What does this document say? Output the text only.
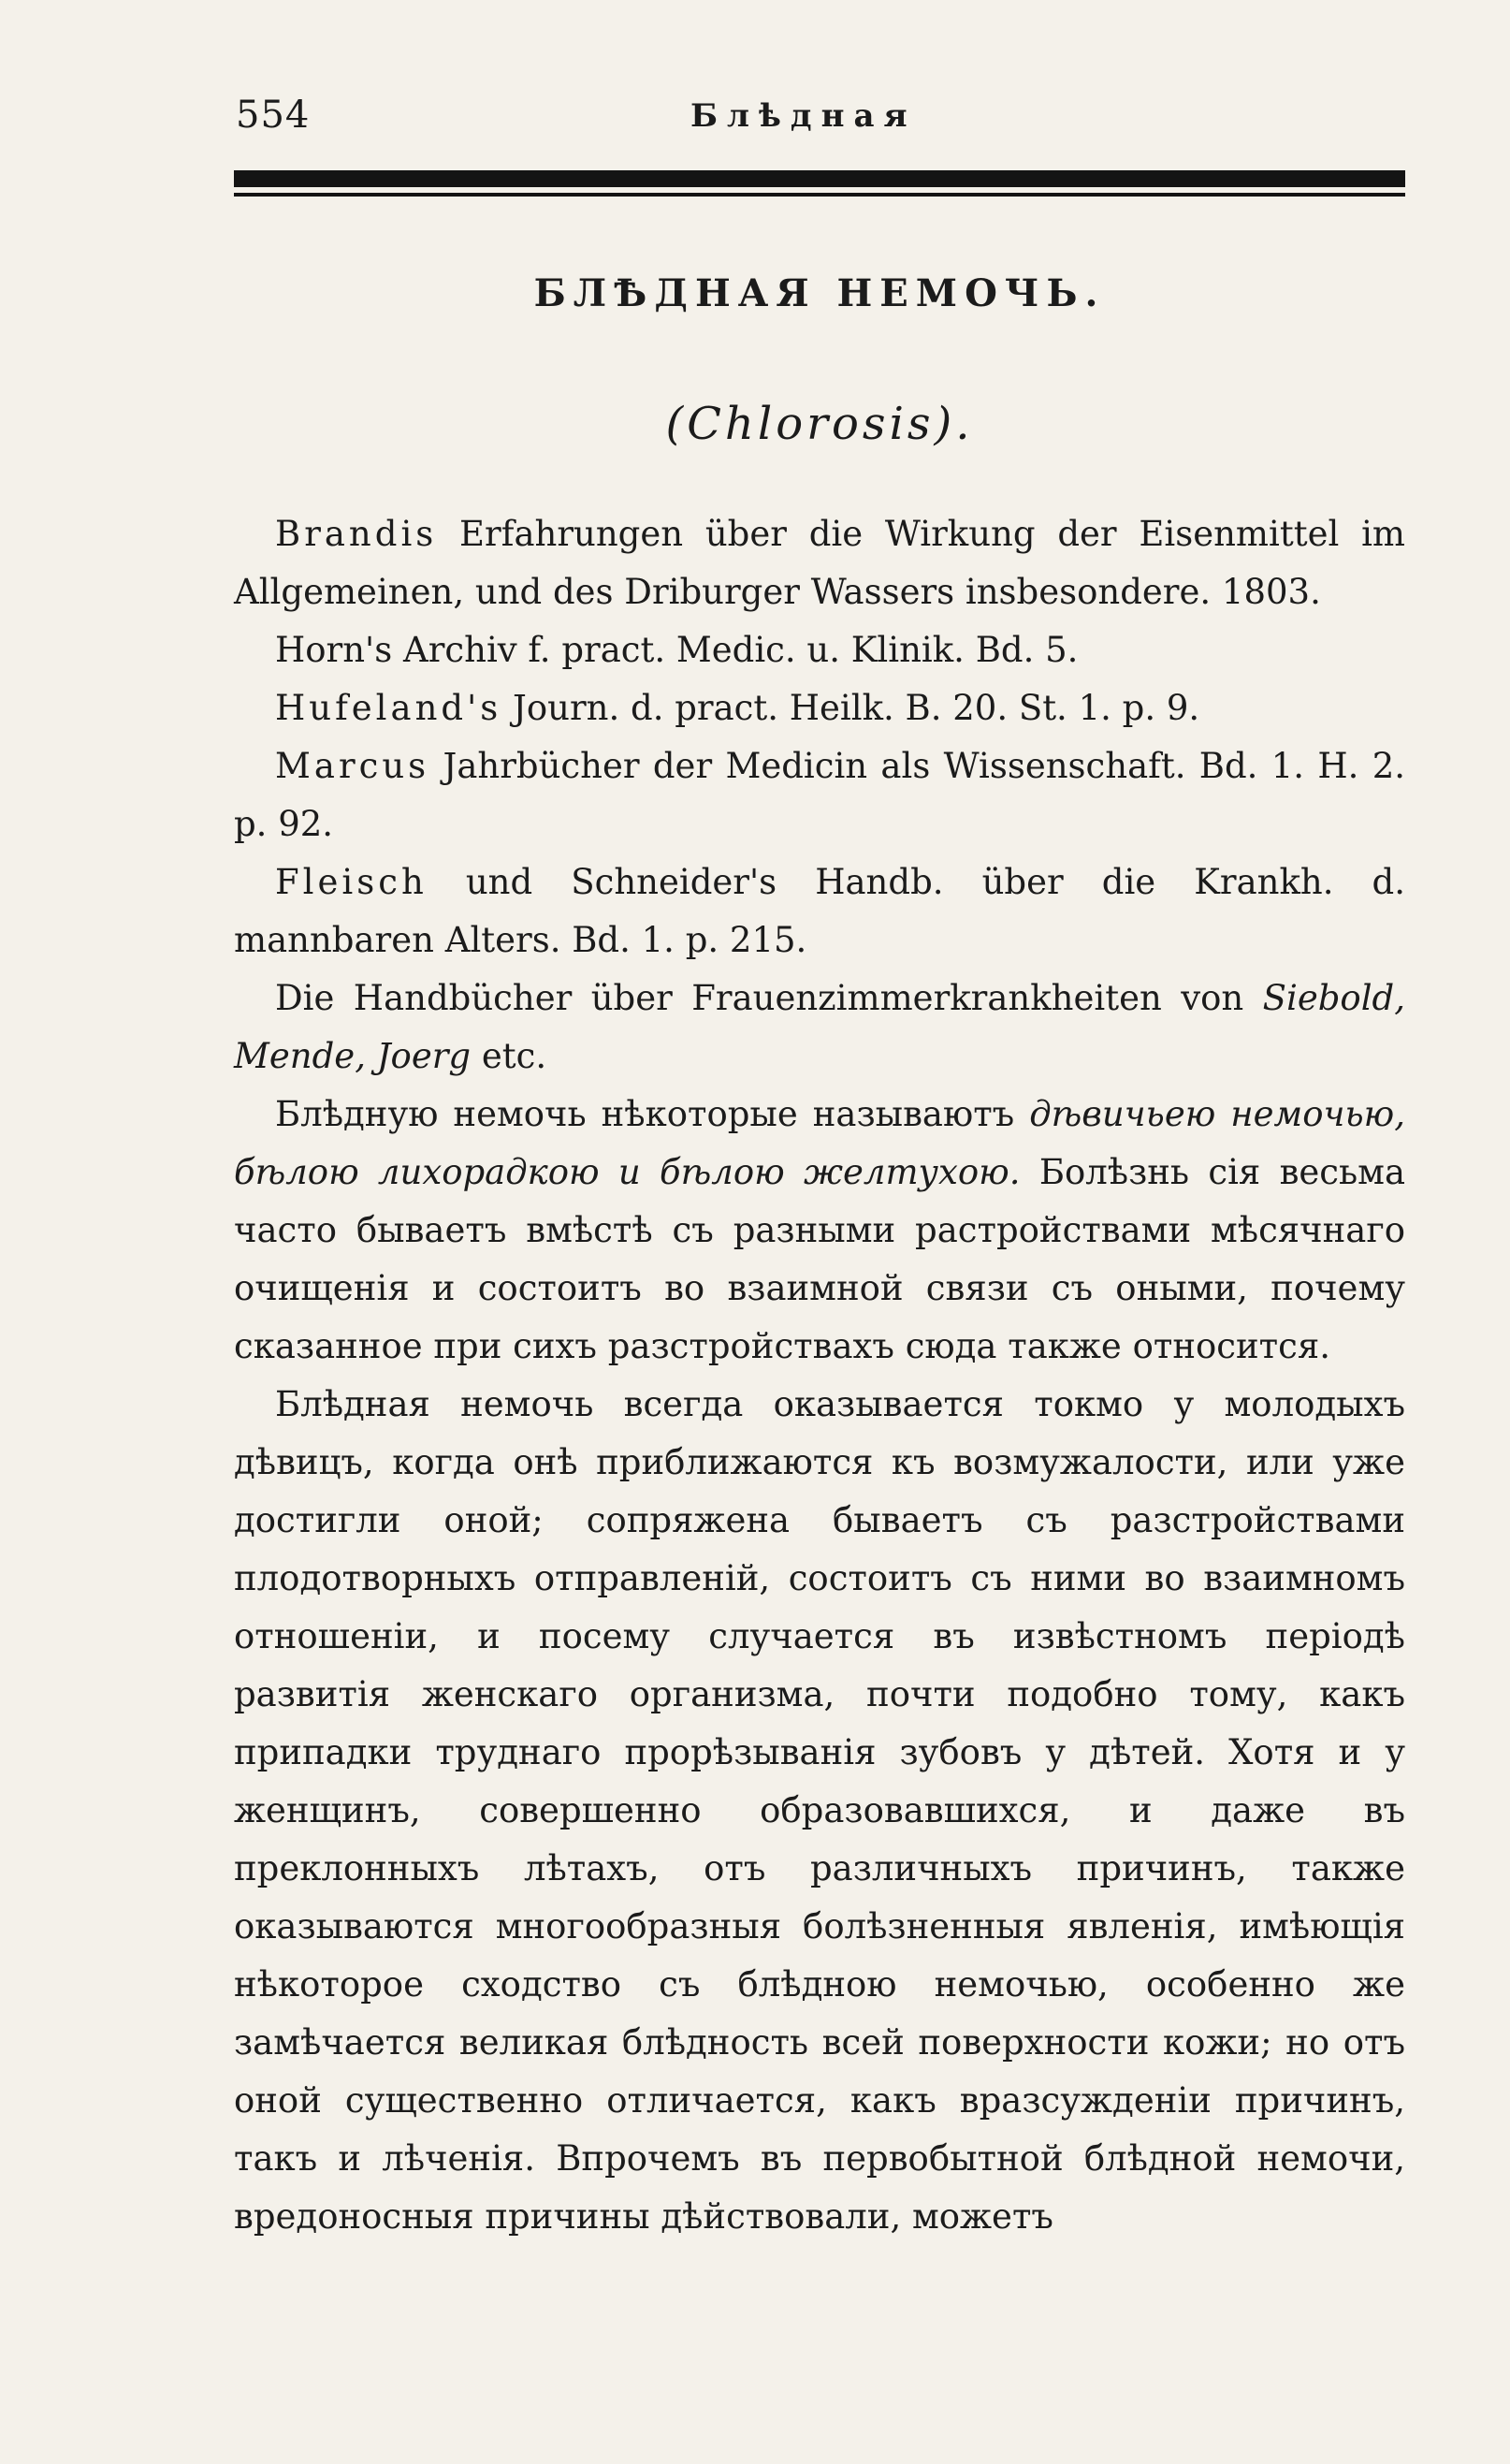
554	Блѣдная
БЛѢДНАЯ НЕМОЧЬ.
(Chlorosis).

Brandis Erfahrungen über die Wirkung der Eisenmittel im Allgemeinen, und des Driburger Wassers insbesondere. 1803.

Horn's Archiv f. pract. Medic. u. Klinik. Bd. 5.

Hufeland's Journ. d. pract. Heilk. B. 20. St. 1. p. 9.

Marcus Jahrbücher der Medicin als Wissenschaft. Bd. 1. H. 2. p. 92.

Fleisch und Schneider's Handb. über die Krankh. d. mannbaren Alters. Bd. 1. p. 215.

Die Handbücher über Frauenzimmerkrankheiten von Siebold, Mende, Joerg etc.

Блѣдную немочь нѣкоторые называютъ дѣвичьею немочью, бѣлою лихорадкою и бѣлою желтухою. Болѣзнь сія весьма часто бываетъ вмѣстѣ съ разными растройствами мѣсячнаго очищенія и состоитъ во взаимной связи съ оными, почему сказанное при сихъ разстройствахъ сюда также относится.

Блѣдная немочь всегда оказывается токмо у молодыхъ дѣвицъ, когда онѣ приближаются къ возмужалости, или уже достигли оной; сопряжена бываетъ съ разстройствами плодотворныхъ отправленій, состоитъ съ ними во взаимномъ отношеніи, и посему случается въ извѣстномъ періодѣ развитія женскаго организма, почти подобно тому, какъ припадки труднаго прорѣзыванія зубовъ у дѣтей. Хотя и у женщинъ, совершенно образовавшихся, и даже въ преклонныхъ лѣтахъ, отъ различныхъ причинъ, также оказываются многообразныя болѣзненныя явленія, имѣющія нѣкоторое сходство съ блѣдною немочью, особенно же замѣчается великая блѣдность всей поверхности кожи; но отъ оной существенно отличается, какъ вразсужденіи причинъ, такъ и лѣченія. Впрочемъ въ первобытной блѣдной немочи, вредоносныя причины дѣйствовали, можетъ
